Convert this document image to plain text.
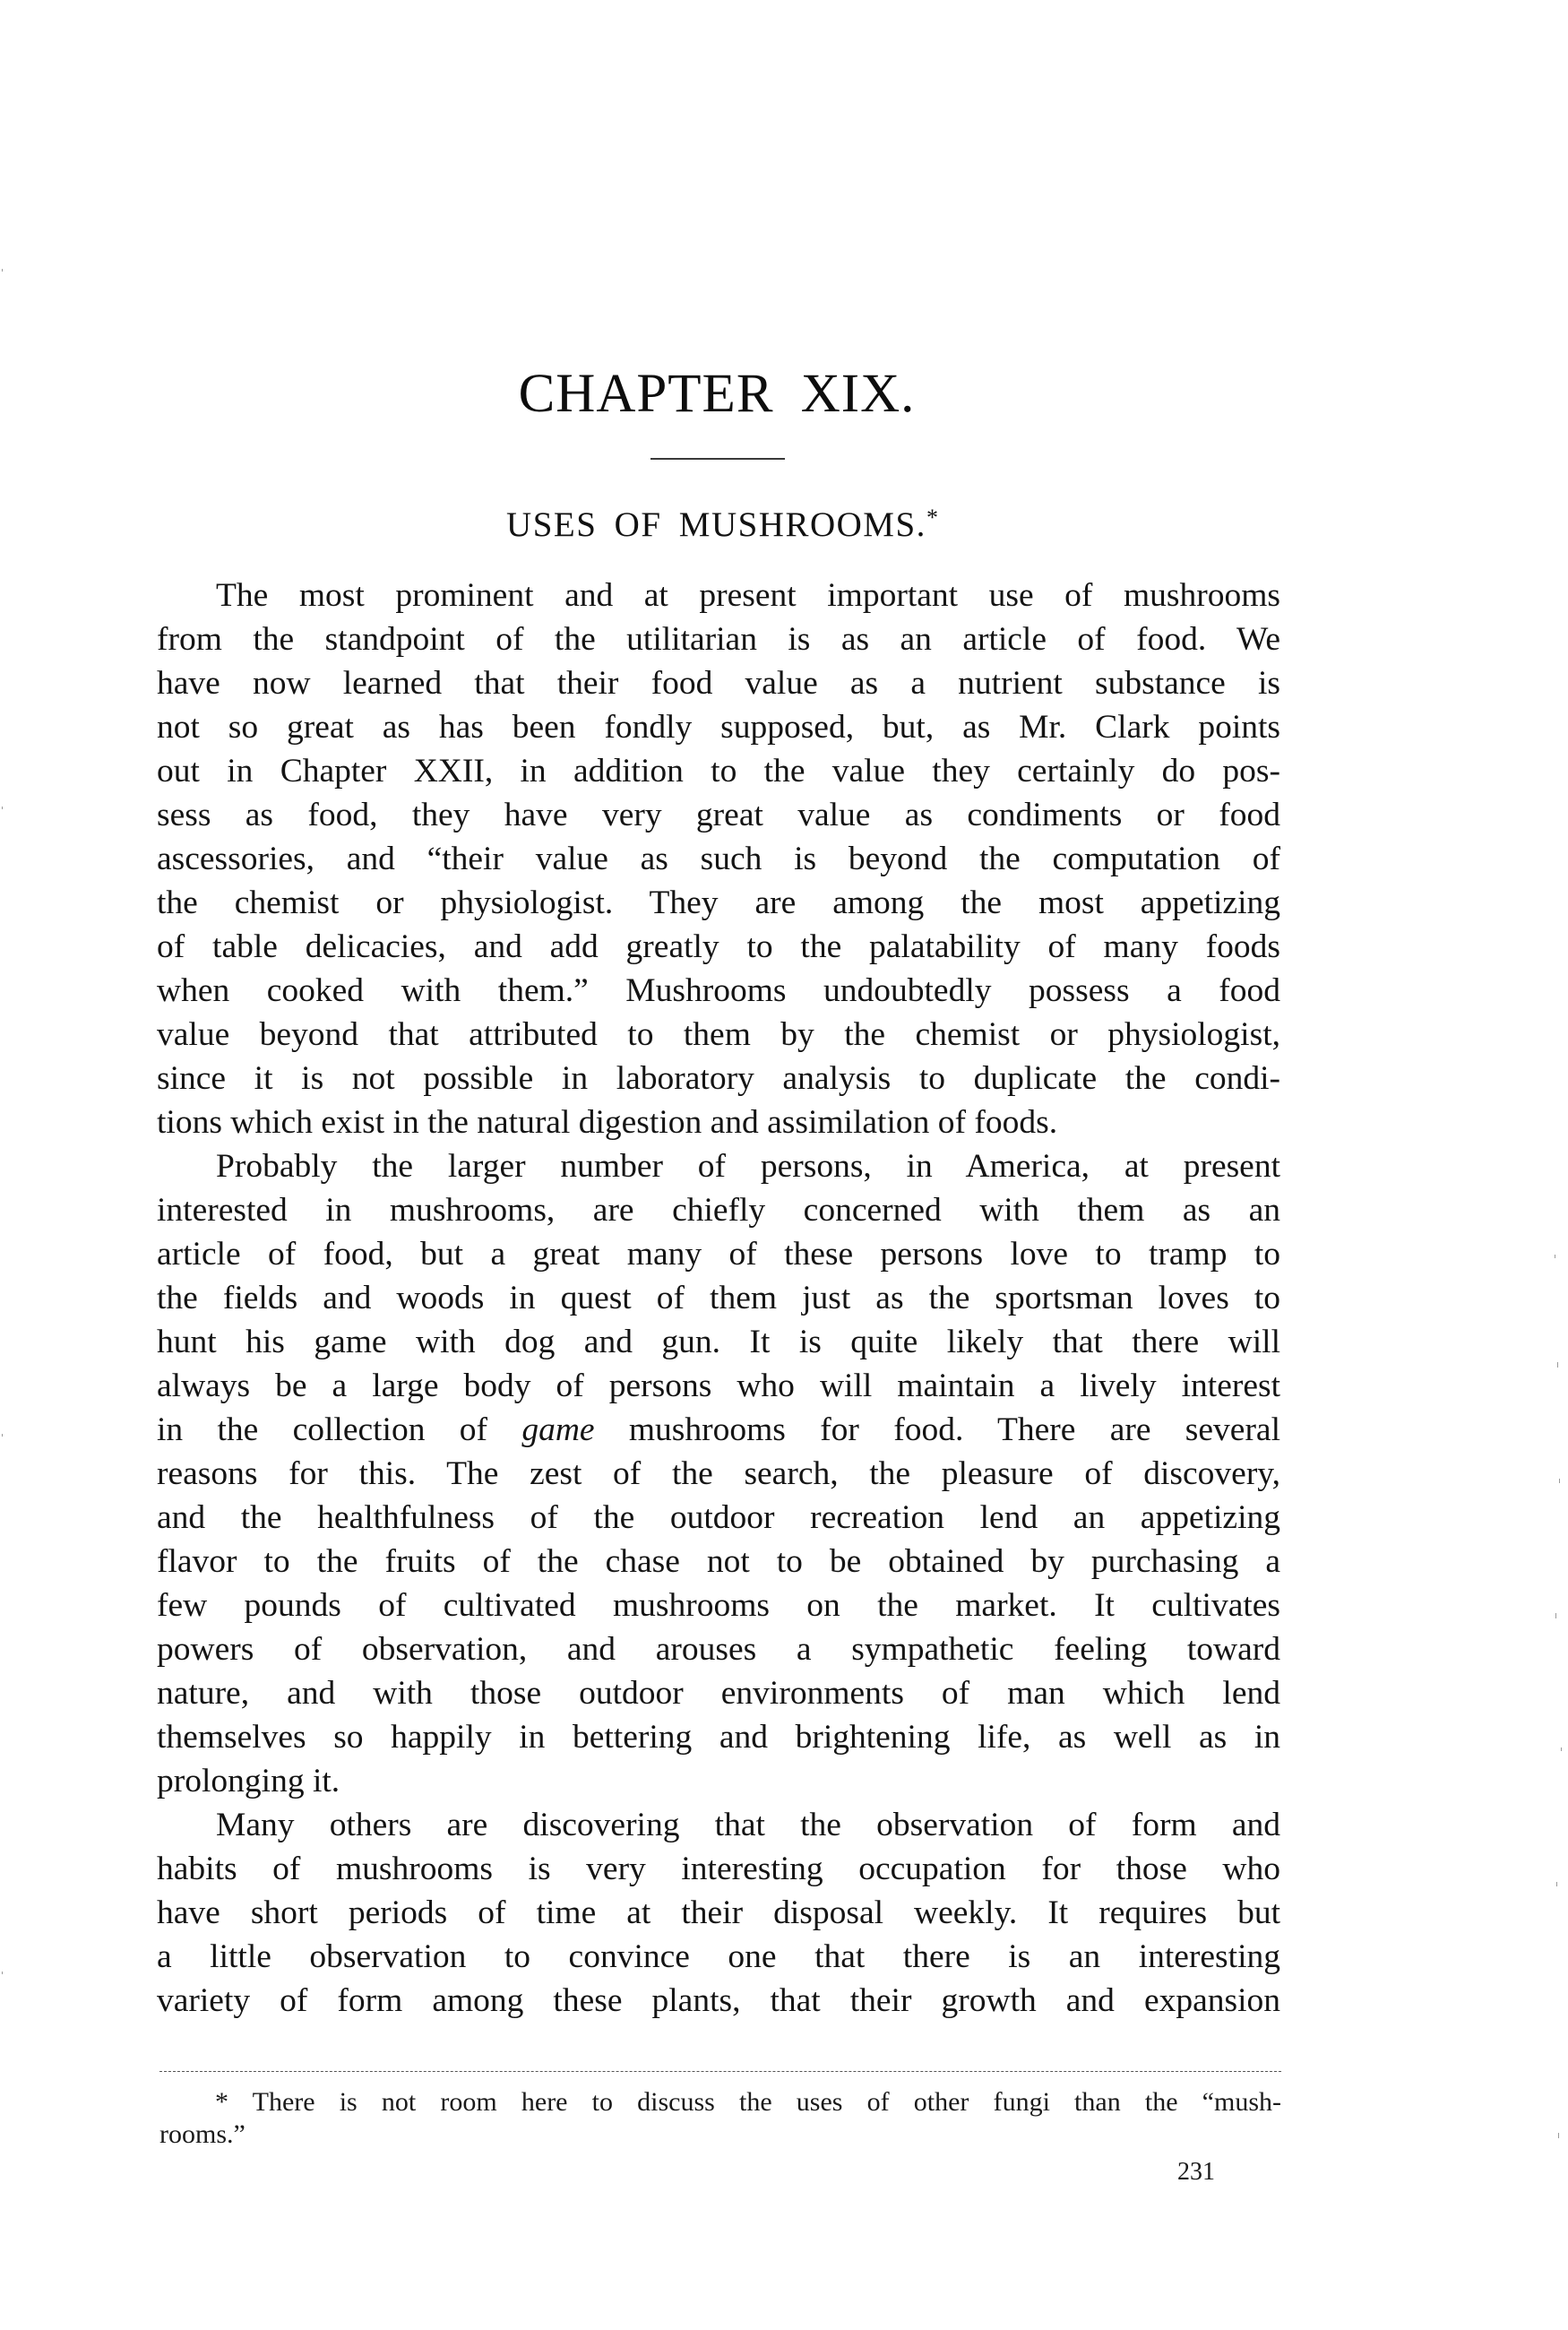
CHAPTER XIX.
USES OF MUSHROOMS.*
The most prominent and at present important use of mushrooms
from the standpoint of the utilitarian is as an article of food. We
have now learned that their food value as a nutrient substance is
not so great as has been fondly supposed, but, as Mr. Clark points
out in Chapter XXII, in addition to the value they certainly do pos-
sess as food, they have very great value as condiments or food
ascessories, and “their value as such is beyond the computation of
the chemist or physiologist. They are among the most appetizing
of table delicacies, and add greatly to the palatability of many foods
when cooked with them.” Mushrooms undoubtedly possess a food
value beyond that attributed to them by the chemist or physiologist,
since it is not possible in laboratory analysis to duplicate the condi-
tions which exist in the natural digestion and assimilation of foods.
Probably the larger number of persons, in America, at present
interested in mushrooms, are chiefly concerned with them as an
article of food, but a great many of these persons love to tramp to
the fields and woods in quest of them just as the sportsman loves to
hunt his game with dog and gun. It is quite likely that there will
always be a large body of persons who will maintain a lively interest
in the collection of game mushrooms for food. There are several
reasons for this. The zest of the search, the pleasure of discovery,
and the healthfulness of the outdoor recreation lend an appetizing
flavor to the fruits of the chase not to be obtained by purchasing a
few pounds of cultivated mushrooms on the market. It cultivates
powers of observation, and arouses a sympathetic feeling toward
nature, and with those outdoor environments of man which lend
themselves so happily in bettering and brightening life, as well as in
prolonging it.
Many others are discovering that the observation of form and
habits of mushrooms is very interesting occupation for those who
have short periods of time at their disposal weekly. It requires but
a little observation to convince one that there is an interesting
variety of form among these plants, that their growth and expansion
* There is not room here to discuss the uses of other fungi than the “mush-
rooms.”
231
